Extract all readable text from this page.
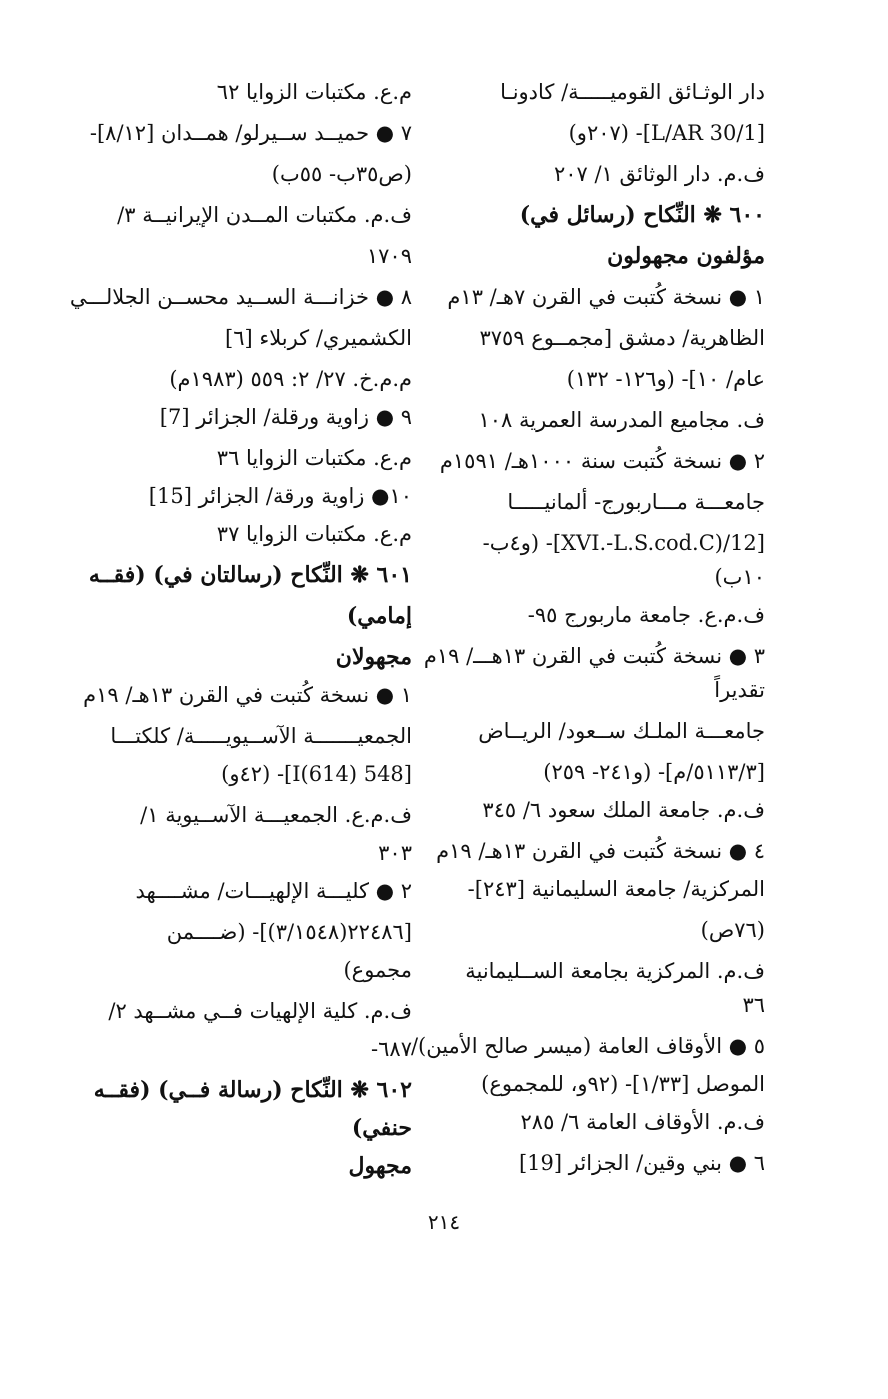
دار الوثـائق القوميـــــة/ كادونـا
[L/AR 30/1]- (٢٠٧و)
ف.م. دار الوثائق ١/ ٢٠٧
٦٠٠ ❋ النِّكاح (رسائل في)
مؤلفون مجهولون
١ ● نسخة كُتبت في القرن ٧هـ/ ١٣م
الظاهرية/ دمشق [مجمــوع ٣٧٥٩
عام/ ١٠]- (و١٢٦- ١٣٢)
ف. مجاميع المدرسة العمرية ١٠٨
٢ ● نسخة كُتبت سنة ١٠٠٠هـ/ ١٥٩١م
جامعـــة مـــاربورج- ألمانيـــــا
[XVI.-L.S.cod.C)/12]- (و٤ب-
١٠ب)
ف.م.ع. جامعة ماربورج ٩٥-
٣ ● نسخة كُتبت في القرن ١٣هـــ/ ١٩م
تقديراً
جامعـــة الملـك ســعود/ الريــاض
[٥١١٣/٣/م]- (و٢٤١- ٢٥٩)
ف.م. جامعة الملك سعود ٦/ ٣٤٥
٤ ● نسخة كُتبت في القرن ١٣هـ/ ١٩م
المركزية/ جامعة السليمانية [٢٤٣]-
(٧٦ص)
ف.م. المركزية بجامعة الســليمانية
٣٦
٥ ● الأوقاف العامة (ميسر صالح الأمين)/
الموصل [١/٣٣]- (٩٢و، للمجموع)
ف.م. الأوقاف العامة ٦/ ٢٨٥
٦ ● بني وقين/ الجزائر [19]
م.ع. مكتبات الزوايا ٦٢
٧ ● حميــد ســيرلو/ همــدان [٨/١٢]-
(ص٣٥ب- ٥٥ب)
ف.م. مكتبات المــدن الإيرانيــة ٣/
١٧٠٩
٨ ● خزانـــة الســيد محســن الجلالـــي
الكشميري/ كربلاء [٦]
م.م.خ. ٢٧/ ٢: ٥٥٩ (١٩٨٣م)
٩ ● زاوية ورقلة/ الجزائر [7]
م.ع. مكتبات الزوايا ٣٦
١٠● زاوية ورقة/ الجزائر [15]
م.ع. مكتبات الزوايا ٣٧
٦٠١ ❋ النِّكاح (رسالتان في) (فقــه
إمامي)
مجهولان
١ ● نسخة كُتبت في القرن ١٣هـ/ ١٩م
الجمعيـــــــة الآســيويـــــة/ كلكتـــا
[548 I(614)]- (٤٢و)
ف.م.ع. الجمعيـــة الآســيوية ١/
٣٠٣
٢ ● كليـــة الإلهيـــات/ مشــــهد
[٢٢٤٨٦(٣/١٥٤٨)]- (ضــــمن
مجموع)
ف.م. كلية الإلهيات فــي مشــهد ٢/
٦٨٧-
٦٠٢ ❋ النِّكاح (رسالة فــي) (فقــه
حنفي)
مجهول
٢١٤
